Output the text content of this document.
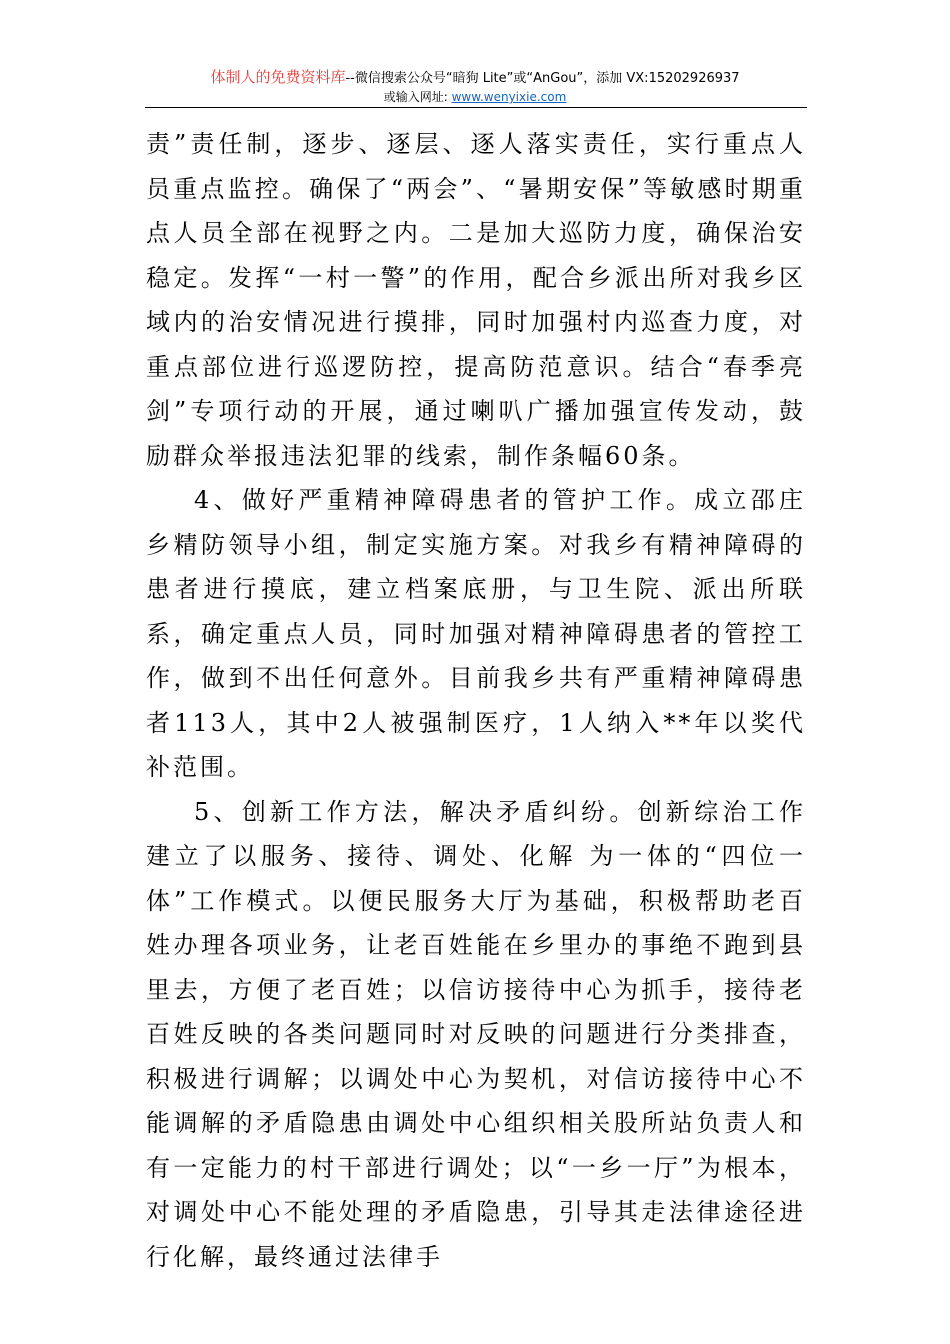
体制人的免费资料库--微信搜索公众号“暗狗 Lite”或“AnGou”，添加 VX:15202926937
或输入网址: www.wenyixie.com

责”责任制，逐步、逐层、逐人落实责任，实行重点人员重点监控。确保了“两会”、“暑期安保”等敏感时期重点人员全部在视野之内。二是加大巡防力度，确保治安稳定。发挥“一村一警”的作用，配合乡派出所对我乡区域内的治安情况进行摸排，同时加强村内巡查力度，对重点部位进行巡逻防控，提高防范意识。结合“春季亮剑”专项行动的开展，通过喇叭广播加强宣传发动，鼓励群众举报违法犯罪的线索，制作条幅60条。

4、做好严重精神障碍患者的管护工作。成立邵庄乡精防领导小组，制定实施方案。对我乡有精神障碍的患者进行摸底，建立档案底册，与卫生院、派出所联系，确定重点人员，同时加强对精神障碍患者的管控工作，做到不出任何意外。目前我乡共有严重精神障碍患者113人，其中2人被强制医疗，1人纳入**年以奖代补范围。

5、创新工作方法，解决矛盾纠纷。创新综治工作建立了以服务、接待、调处、化解 为一体的“四位一体”工作模式。以便民服务大厅为基础，积极帮助老百姓办理各项业务，让老百姓能在乡里办的事绝不跑到县里去，方便了老百姓；以信访接待中心为抓手，接待老百姓反映的各类问题同时对反映的问题进行分类排查，积极进行调解；以调处中心为契机，对信访接待中心不能调解的矛盾隐患由调处中心组织相关股所站负责人和有一定能力的村干部进行调处；以“一乡一厅”为根本，对调处中心不能处理的矛盾隐患，引导其走法律途径进行化解，最终通过法律手
